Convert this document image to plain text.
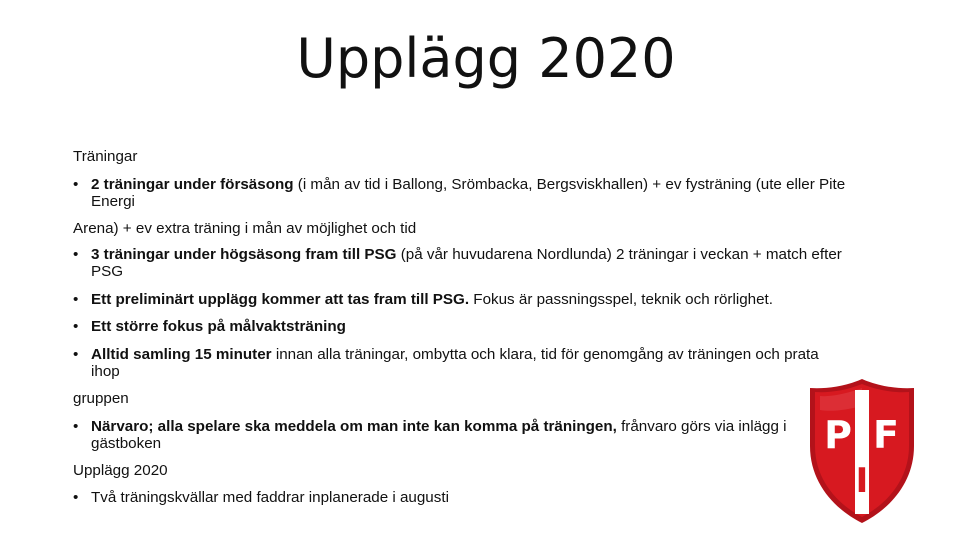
Upplägg 2020
Träningar
• 2 träningar under försäsong (i mån av tid i Ballong, Srömbacka, Bergsviskhallen) + ev fysträning (ute eller Pite
Energi
Arena) + ev extra träning i mån av möjlighet och tid
• 3 träningar under högsäsong fram till PSG (på vår huvudarena Nordlunda) 2 träningar i veckan + match efter
PSG
• Ett preliminärt upplägg kommer att tas fram till PSG. Fokus är passningsspel, teknik och rörlighet.
• Ett större fokus på målvaktsträning
• Alltid samling 15 minuter innan alla träningar, ombytta och klara, tid för genomgång av träningen och prata
ihop
gruppen
• Närvaro; alla spelare ska meddela om man inte kan komma på träningen, frånvaro görs via inlägg i
gästboken
Upplägg 2020
• Två träningskvällar med faddrar inplanerade i augusti
P
I
F
